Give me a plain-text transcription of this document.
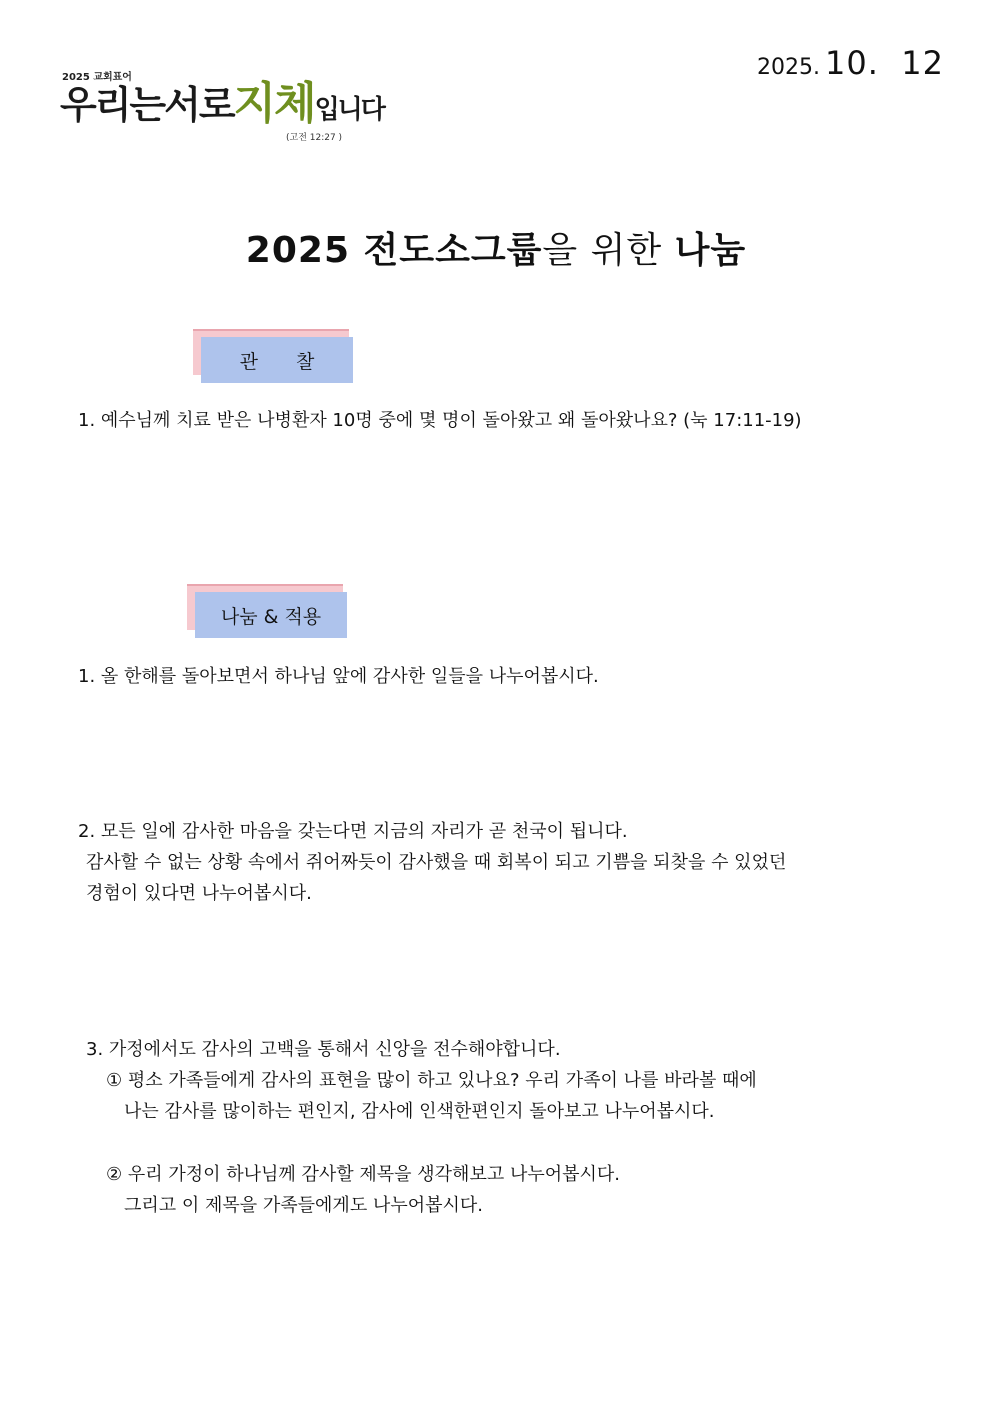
2025 교회표어
우리는서로지체입니다
(고전 12:27 )
2025. 10.  12
2025 전도소그룹을 위한 나눔
관찰
1. 예수님께 치료 받은 나병환자 10명 중에 몇 명이 돌아왔고 왜 돌아왔나요? (눅 17:11-19)
나눔 & 적용
1. 올 한해를 돌아보면서 하나님 앞에 감사한 일들을 나누어봅시다.
2. 모든 일에 감사한 마음을 갖는다면 지금의 자리가 곧 천국이 됩니다.
감사할 수 없는 상황 속에서 쥐어짜듯이 감사했을 때 회복이 되고 기쁨을 되찾을 수 있었던
경험이 있다면 나누어봅시다.
3. 가정에서도 감사의 고백을 통해서 신앙을 전수해야합니다.
① 평소 가족들에게 감사의 표현을 많이 하고 있나요? 우리 가족이 나를 바라볼 때에
나는 감사를 많이하는 편인지, 감사에 인색한편인지 돌아보고 나누어봅시다.
② 우리 가정이 하나님께 감사할 제목을 생각해보고 나누어봅시다.
그리고 이 제목을 가족들에게도 나누어봅시다.
